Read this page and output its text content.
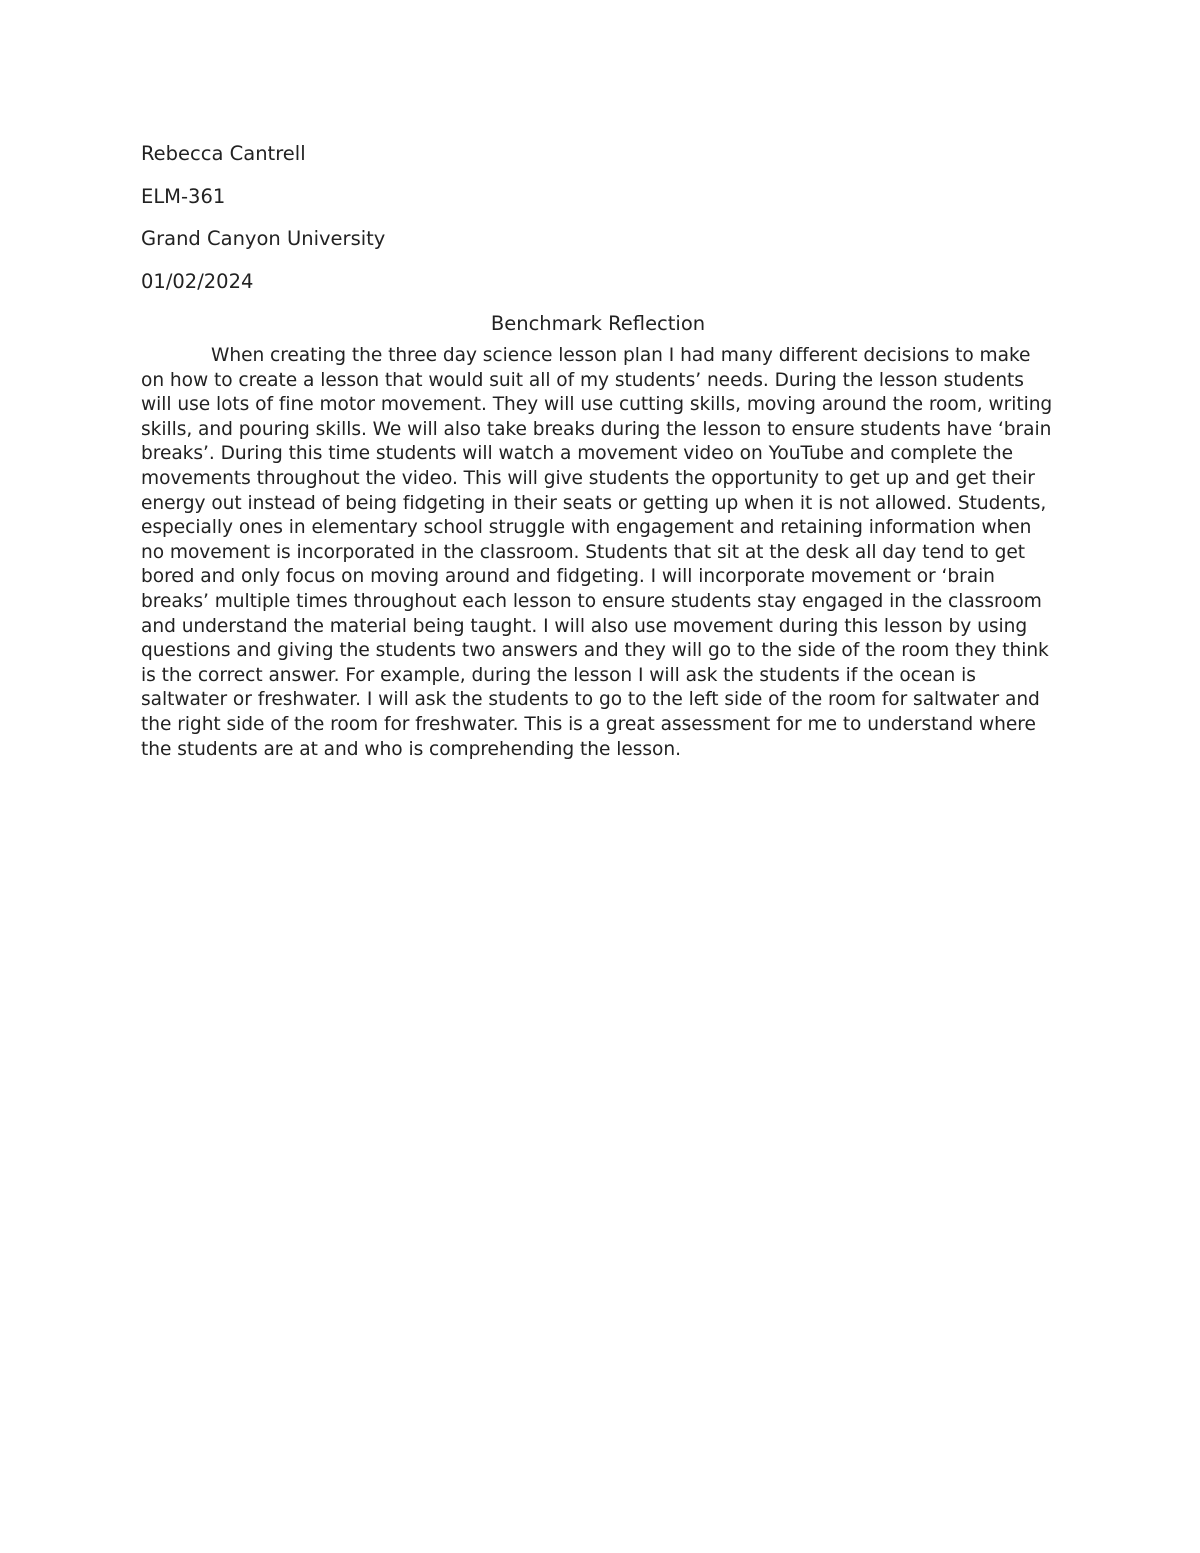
Rebecca Cantrell
ELM-361
Grand Canyon University
01/02/2024
Benchmark Reflection

When creating the three day science lesson plan I had many different decisions to make on how to create a lesson that would suit all of my students’ needs. During the lesson students will use lots of fine motor movement. They will use cutting skills, moving around the room, writing skills, and pouring skills. We will also take breaks during the lesson to ensure students have ‘brain breaks’. During this time students will watch a movement video on YouTube and complete the movements throughout the video. This will give students the opportunity to get up and get their energy out instead of being fidgeting in their seats or getting up when it is not allowed. Students, especially ones in elementary school struggle with engagement and retaining information when no movement is incorporated in the classroom. Students that sit at the desk all day tend to get bored and only focus on moving around and fidgeting. I will incorporate movement or ‘brain breaks’ multiple times throughout each lesson to ensure students stay engaged in the classroom and understand the material being taught. I will also use movement during this lesson by using questions and giving the students two answers and they will go to the side of the room they think is the correct answer. For example, during the lesson I will ask the students if the ocean is saltwater or freshwater. I will ask the students to go to the left side of the room for saltwater and the right side of the room for freshwater. This is a great assessment for me to understand where the students are at and who is comprehending the lesson.
